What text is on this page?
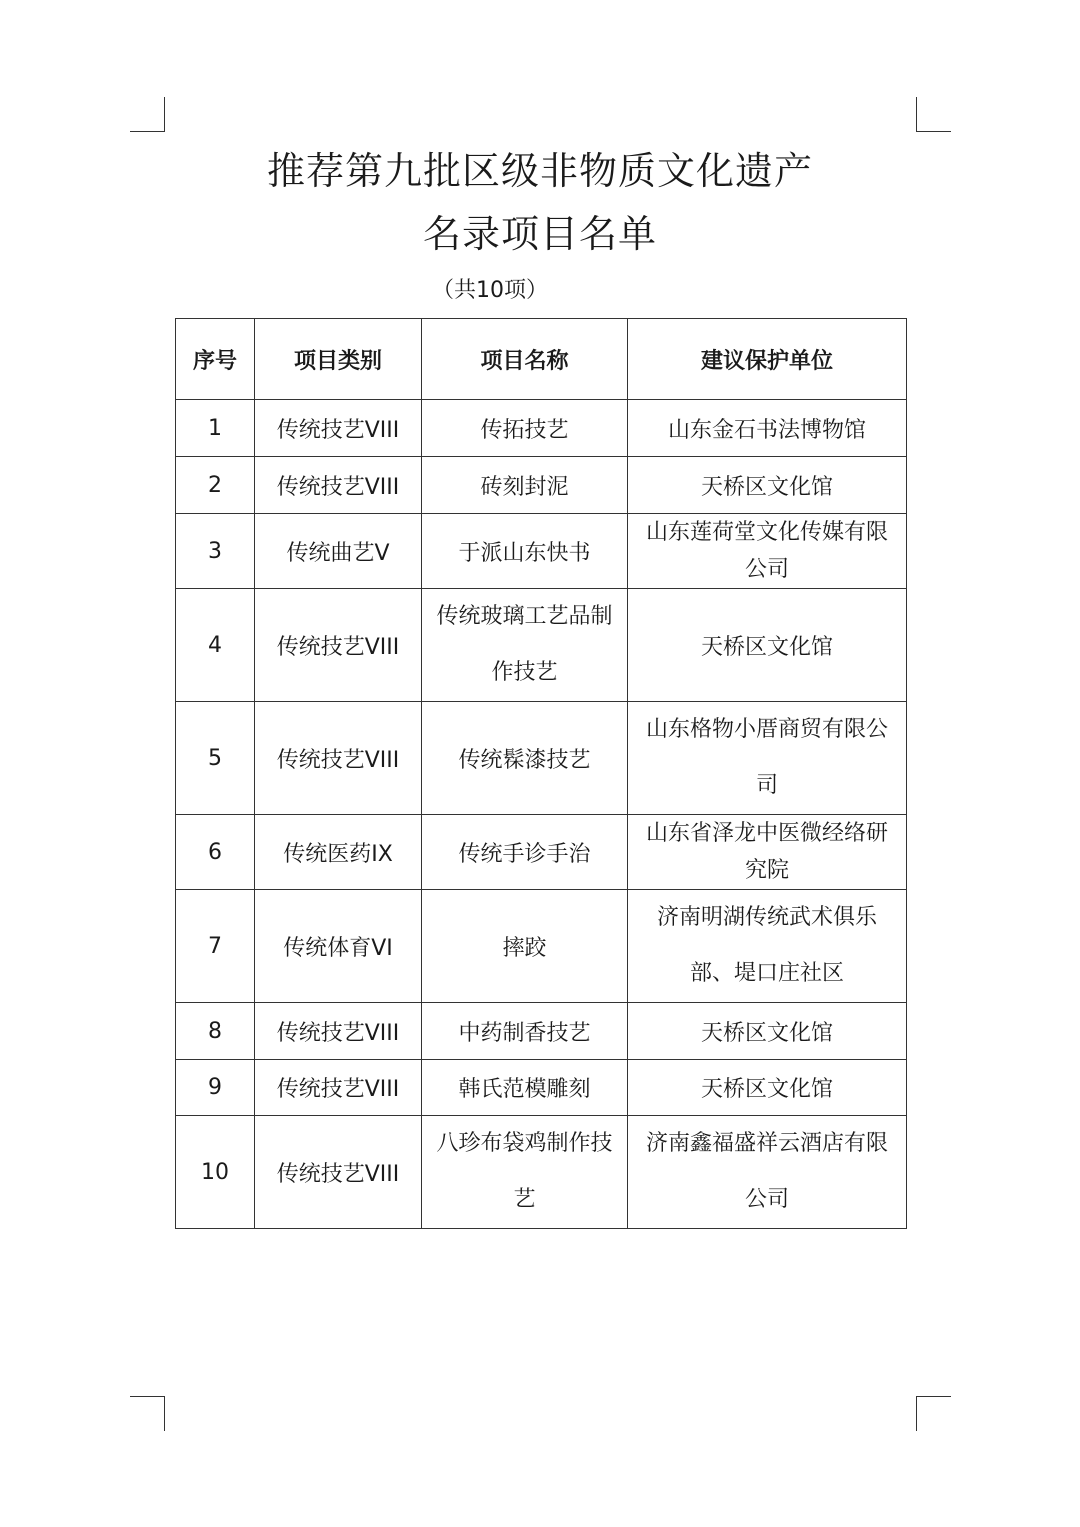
推荐第九批区级非物质文化遗产
名录项目名单
（共10项）
序号	项目类别	项目名称	建议保护单位
1	传统技艺VIII	传拓技艺	山东金石书法博物馆
2	传统技艺VIII	砖刻封泥	天桥区文化馆
3	传统曲艺V	于派山东快书	山东莲荷堂文化传媒有限公司
4	传统技艺VIII	传统玻璃工艺品制作技艺	天桥区文化馆
5	传统技艺VIII	传统髹漆技艺	山东格物小厝商贸有限公司
6	传统医药IX	传统手诊手治	山东省泽龙中医微经络研究院
7	传统体育VI	摔跤	济南明湖传统武术俱乐部、堤口庄社区
8	传统技艺VIII	中药制香技艺	天桥区文化馆
9	传统技艺VIII	韩氏范模雕刻	天桥区文化馆
10	传统技艺VIII	八珍布袋鸡制作技艺	济南鑫福盛祥云酒店有限公司
